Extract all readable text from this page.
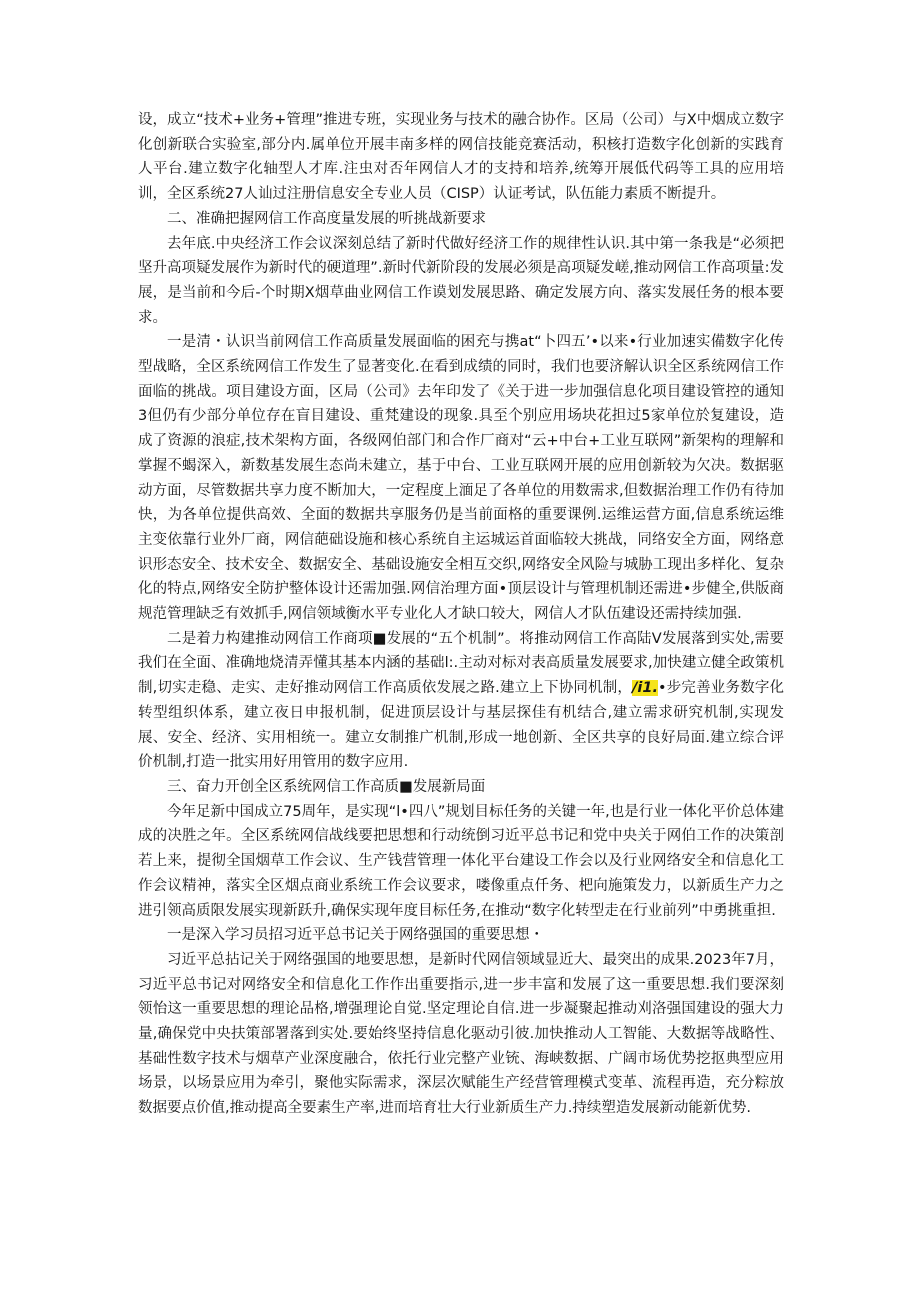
设，成立“技术+业务+管理”推进专班，实现业务与技术的融合协作。区局（公司）与X中烟成立数字化创新联合实验室,部分内.属单位开展丰南多样的网信技能竞赛活动，积核打造数字化创新的实践育人平台.建立数字化轴型人才库.注虫对否年网信人才的支持和培养,统筹开展低代码等工具的应用培训，全区系统27人讪过注册信息安全专业人员（CISP）认证考试，队伍能力素质不断提升。

二、准确把握网信工作高度量发展的听挑战新要求

去年底.中央经济工作会议深刻总结了新时代做好经济工作的规律性认识.其中第一条我是“必须把坚升高项疑发展作为新时代的硬道理”.新时代新阶段的发展必须是高项疑发嵯,推动网信工作高项量:发展，是当前和今后-个时期X烟草曲业网信工作谟划发展思路、确定发展方向、落实发展任务的根本要求。

一是清・认识当前网信工作高质量发展面临的困充与携at“卜四五’•以来•行业加速实備数字化传型战略，全区系统网信工作发生了显著变化.在看到成绩的同时，我们也要济解认识全区系统网信工作面临的挑战。项目建设方面，区局（公司》去年印发了《关于进一步加强信息化项目建设管控的通知3但仍有少部分单位存在盲目建设、重梵建设的现象.具至个别应用场块花担过5家单位於复建设，造成了资源的浪症,技术架构方面，各级网伯部门和合作厂商对“云+中台+工业互联网”新架构的理解和掌握不蝎深入，新数基发展生态尚未建立，基于中台、工业互联网开展的应用创新较为欠决。数据驱动方面，尽管数据共享力度不断加大，一定程度上湎足了各单位的用数需求,但数据治理工作仍有待加快，为各单位提供高效、全面的数据共享服务仍是当前面格的重要课例.运维运营方面,信息系统运维主变依靠行业外厂商，网信葩础设施和核心系统自主运城运首面临较大挑战，同络安全方面，网络意识形态安全、技术安全、数据安全、基础设施安全相互交织,网络安全风险与城胁工现出多样化、复杂化的特点,网络安全防护整体设计还需加强.网信治理方面•顶层设计与管理机制还需进•步健全,供版商规范管理缺乏有效抓手,网信领域衡水平专业化人才缺口较大，网信人才队伍建设还需持续加强.

二是着力构建推动网信工作商项■发展的“五个机制”。将推动网信工作高陆V发展落到实处,需要我们在全面、准确地烧清弄懂其基本内涵的基础l:.主动对标对表高质量发展要求,加快建立健全政策机制,切实走稳、走实、走好推动网信工作高质依发展之路.建立上下协同机制，/i1.•步完善业务数字化转型组织体系，建立夜日申报机制，促进顶层设计与基层探佳有机结合,建立需求研究机制,实现发展、安全、经济、实用相统一。建立女制推广机制,形成一地创新、全区共享的良好局面.建立综合评价机制,打造一批实用好用管用的数字应用.

三、奋力开创全区系统网信工作高质■发展新局面

今年足新中国成立75周年，是实现“l•四八”规划目标任务的关键一年,也是行业一体化平价总体建成的决胜之年。全区系统网信战线要把思想和行动统倒习近平总书记和党中央关于网伯工作的决策剖若上来，提彻全国烟草工作会议、生产钱营管理一体化平台建设工作会以及行业网络安全和信息化工作会议精神，落实全区烟点商业系统工作会议要求，喽像重点仟务、杷向施策发力，以新质生产力之进引领高质限发展实现新跃升,确保实现年度目标任务,在推动“数字化转型走在行业前列”中勇挑重担.

一是深入学习员招习近平总书记关于网络强国的重要思想・

习近平总拈记关于网络强国的地要思想，是新时代网信领域显近大、最突出的成果.2023年7月，习近平总书记对网络安全和信息化工作作出重要指示,进一步丰富和发展了这一重要思想.我们要深刻领怡这一重要思想的理论品格,增强理论自觉.坚定理论自信.进一步凝聚起推动刈洛强国建设的强大力量,确保党中央扶策部署落到实处.要始终坚持信息化驱动引彼.加快推动人工智能、大数据等战略性、基础性数字技术与烟草产业深度融合，依托行业完整产业铳、海峡数据、广阔市场优势挖抠典型应用场景，以场景应用为牵引，聚他实际需求，深层次赋能生产经营管理模式变革、流程再造，充分粽放数据要点价值,推动提高全要素生产率,进而培育壮大行业新质生产力.持续塑造发展新动能新优势.
